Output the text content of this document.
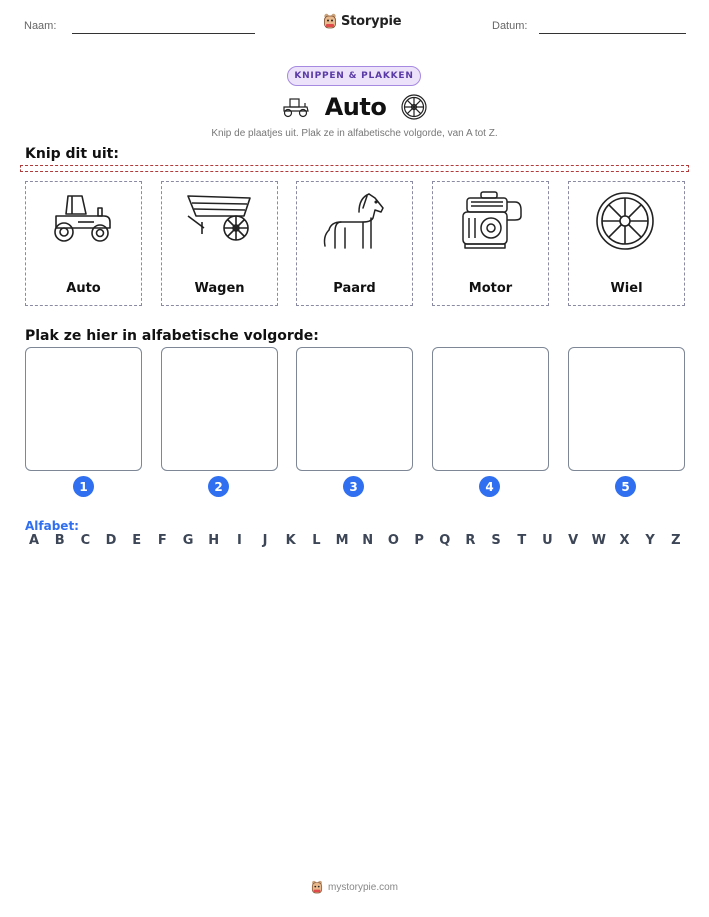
Naam:	Storypie	Datum:
KNIPPEN & PLAKKEN
Auto
Knip de plaatjes uit. Plak ze in alfabetische volgorde, van A tot Z.
Knip dit uit:
Auto	Wagen	Paard	Motor	Wiel
Plak ze hier in alfabetische volgorde:
1	2	3	4	5
Alfabet:
A	B	C	D	E	F	G H	I	J	K	L	M N O	P	Q	R	S	T	U	V	W	X	Y	Z
mystorypie.com
